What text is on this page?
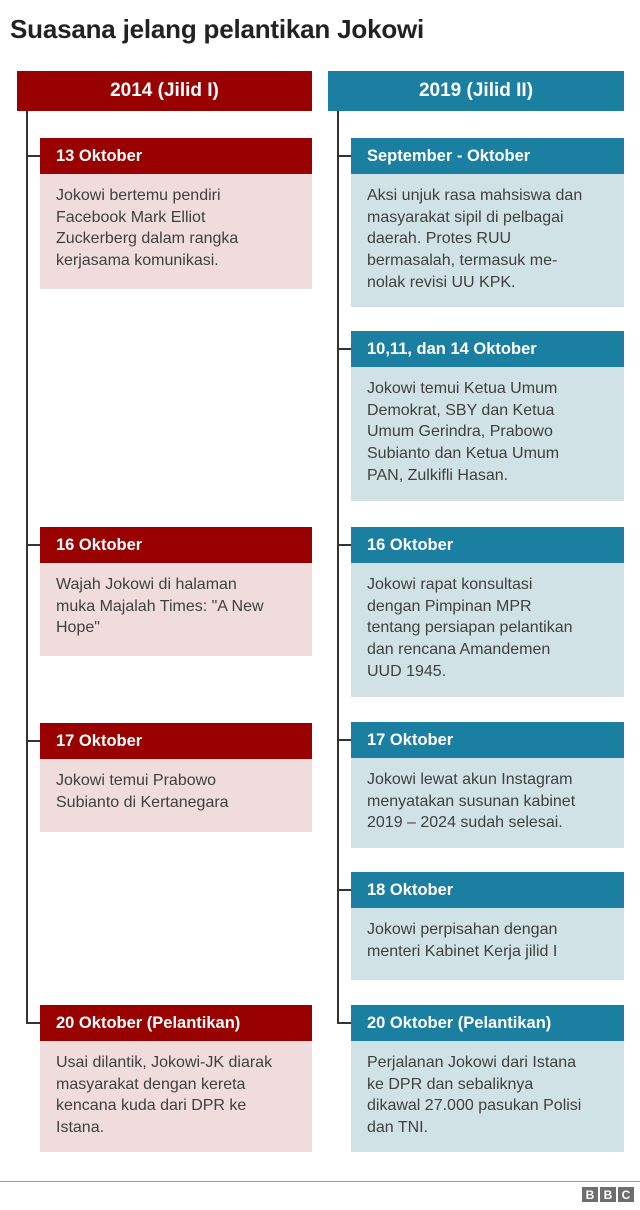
Suasana jelang pelantikan Jokowi
2014 (Jilid I)	2019 (Jilid II)
13 Oktober
Jokowi bertemu pendiri
Facebook Mark Elliot
Zuckerberg dalam rangka
kerjasama komunikasi.
16 Oktober
Wajah Jokowi di halaman
muka Majalah Times: "A New
Hope"
17 Oktober
Jokowi temui Prabowo
Subianto di Kertanegara
20 Oktober (Pelantikan)
Usai dilantik, Jokowi-JK diarak
masyarakat dengan kereta
kencana kuda dari DPR ke
Istana.
September - Oktober
Aksi unjuk rasa mahsiswa dan
masyarakat sipil di pelbagai
daerah. Protes RUU
bermasalah, termasuk me-
nolak revisi UU KPK.
10,11, dan 14 Oktober
Jokowi temui Ketua Umum
Demokrat, SBY dan Ketua
Umum Gerindra, Prabowo
Subianto dan Ketua Umum
PAN, Zulkifli Hasan.
16 Oktober
Jokowi rapat konsultasi
dengan Pimpinan MPR
tentang persiapan pelantikan
dan rencana Amandemen
UUD 1945.
17 Oktober
Jokowi lewat akun Instagram
menyatakan susunan kabinet
2019 – 2024 sudah selesai.
18 Oktober
Jokowi perpisahan dengan
menteri Kabinet Kerja jilid I
20 Oktober (Pelantikan)
Perjalanan Jokowi dari Istana
ke DPR dan sebaliknya
dikawal 27.000 pasukan Polisi
dan TNI.
B B C
